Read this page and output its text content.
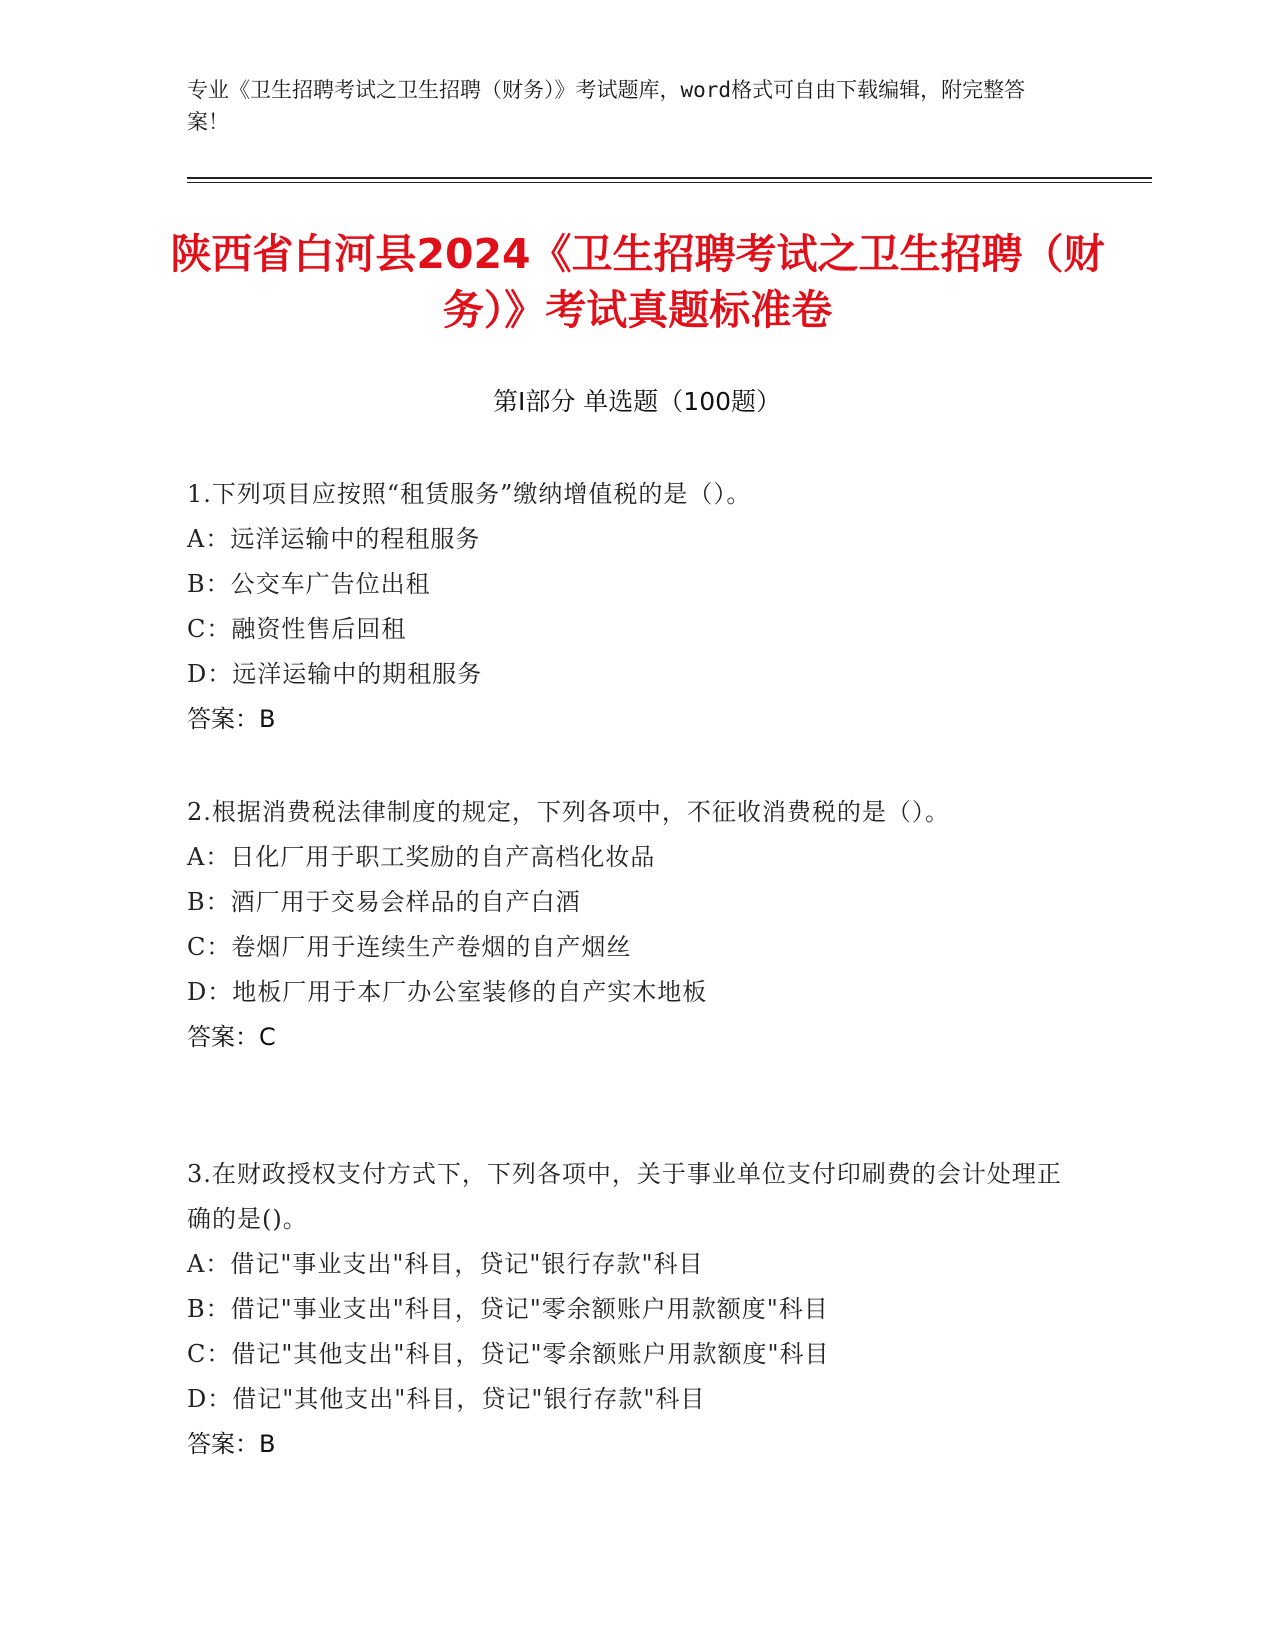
专业《卫生招聘考试之卫生招聘（财务）》考试题库，word格式可自由下载编辑，附完整答案！
陕西省白河县2024《卫生招聘考试之卫生招聘（财务）》考试真题标准卷
第Ⅰ部分 单选题（100题）
1.下列项目应按照“租赁服务”缴纳增值税的是（）。
A：远洋运输中的程租服务
B：公交车广告位出租
C：融资性售后回租
D：远洋运输中的期租服务
答案：B
2.根据消费税法律制度的规定，下列各项中，不征收消费税的是（）。
A：日化厂用于职工奖励的自产高档化妆品
B：酒厂用于交易会样品的自产白酒
C：卷烟厂用于连续生产卷烟的自产烟丝
D：地板厂用于本厂办公室装修的自产实木地板
答案：C
3.在财政授权支付方式下，下列各项中，关于事业单位支付印刷费的会计处理正确的是()。
A：借记"事业支出"科目，贷记"银行存款"科目
B：借记"事业支出"科目，贷记"零余额账户用款额度"科目
C：借记"其他支出"科目，贷记"零余额账户用款额度"科目
D：借记"其他支出"科目，贷记"银行存款"科目
答案：B
